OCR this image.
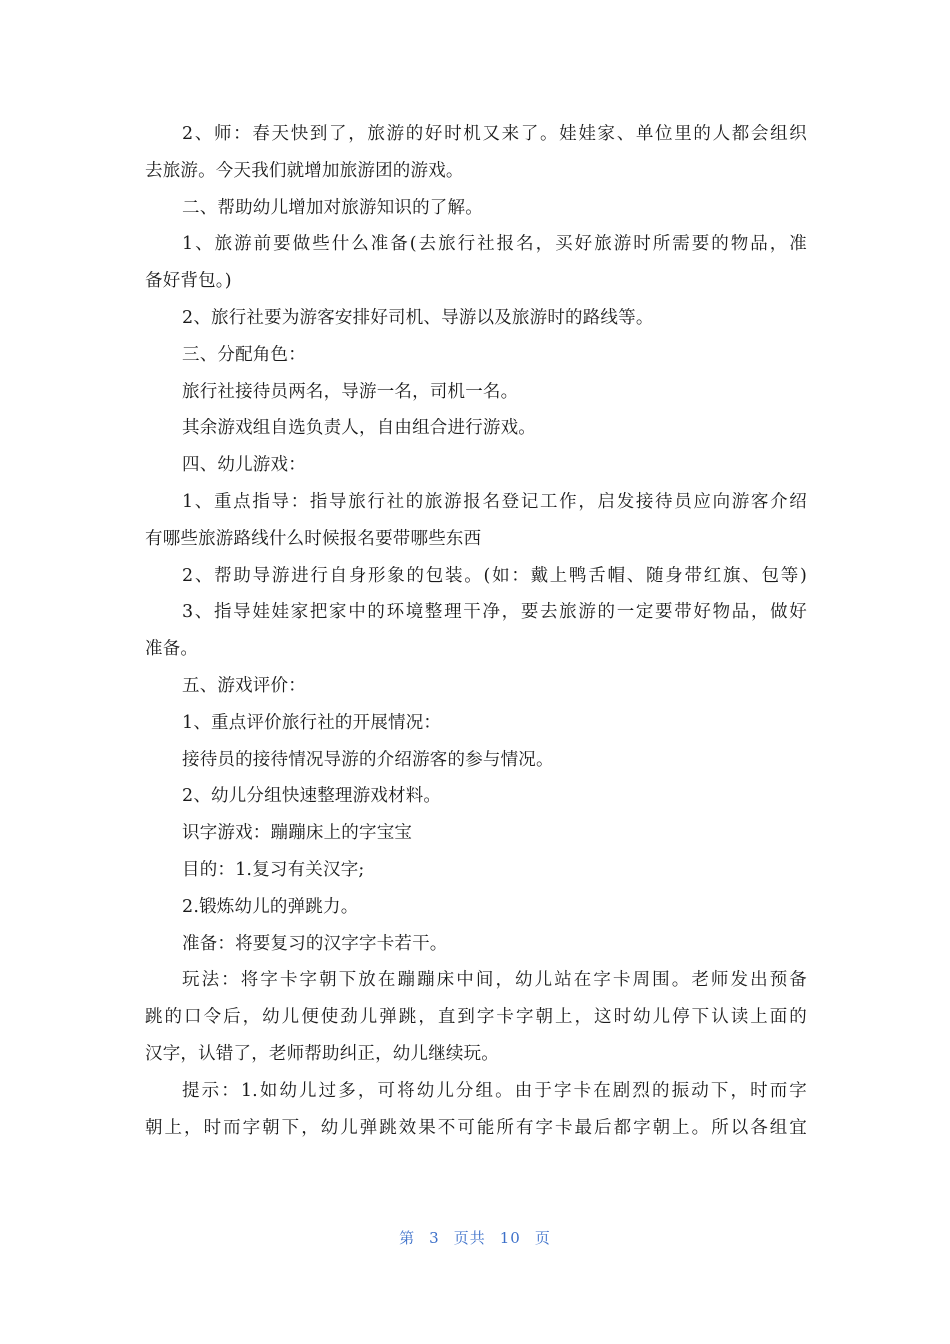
2、师：春天快到了，旅游的好时机又来了。娃娃家、单位里的人都会组织
去旅游。今天我们就增加旅游团的游戏。
二、帮助幼儿增加对旅游知识的了解。
1、旅游前要做些什么准备(去旅行社报名，买好旅游时所需要的物品，准
备好背包。)
2、旅行社要为游客安排好司机、导游以及旅游时的路线等。
三、分配角色：
旅行社接待员两名，导游一名，司机一名。
其余游戏组自选负责人，自由组合进行游戏。
四、幼儿游戏：
1、重点指导：指导旅行社的旅游报名登记工作，启发接待员应向游客介绍
有哪些旅游路线什么时候报名要带哪些东西
2、帮助导游进行自身形象的包装。(如：戴上鸭舌帽、随身带红旗、包等)
3、指导娃娃家把家中的环境整理干净，要去旅游的一定要带好物品，做好
准备。
五、游戏评价：
1、重点评价旅行社的开展情况：
接待员的接待情况导游的介绍游客的参与情况。
2、幼儿分组快速整理游戏材料。
识字游戏：蹦蹦床上的字宝宝
目的：1.复习有关汉字;
2.锻炼幼儿的弹跳力。
准备：将要复习的汉字字卡若干。
玩法：将字卡字朝下放在蹦蹦床中间，幼儿站在字卡周围。老师发出预备
跳的口令后，幼儿便使劲儿弹跳，直到字卡字朝上，这时幼儿停下认读上面的
汉字，认错了，老师帮助纠正，幼儿继续玩。
提示：1.如幼儿过多，可将幼儿分组。由于字卡在剧烈的振动下，时而字
朝上，时而字朝下，幼儿弹跳效果不可能所有字卡最后都字朝上。所以各组宜
第 3 页共 10 页
